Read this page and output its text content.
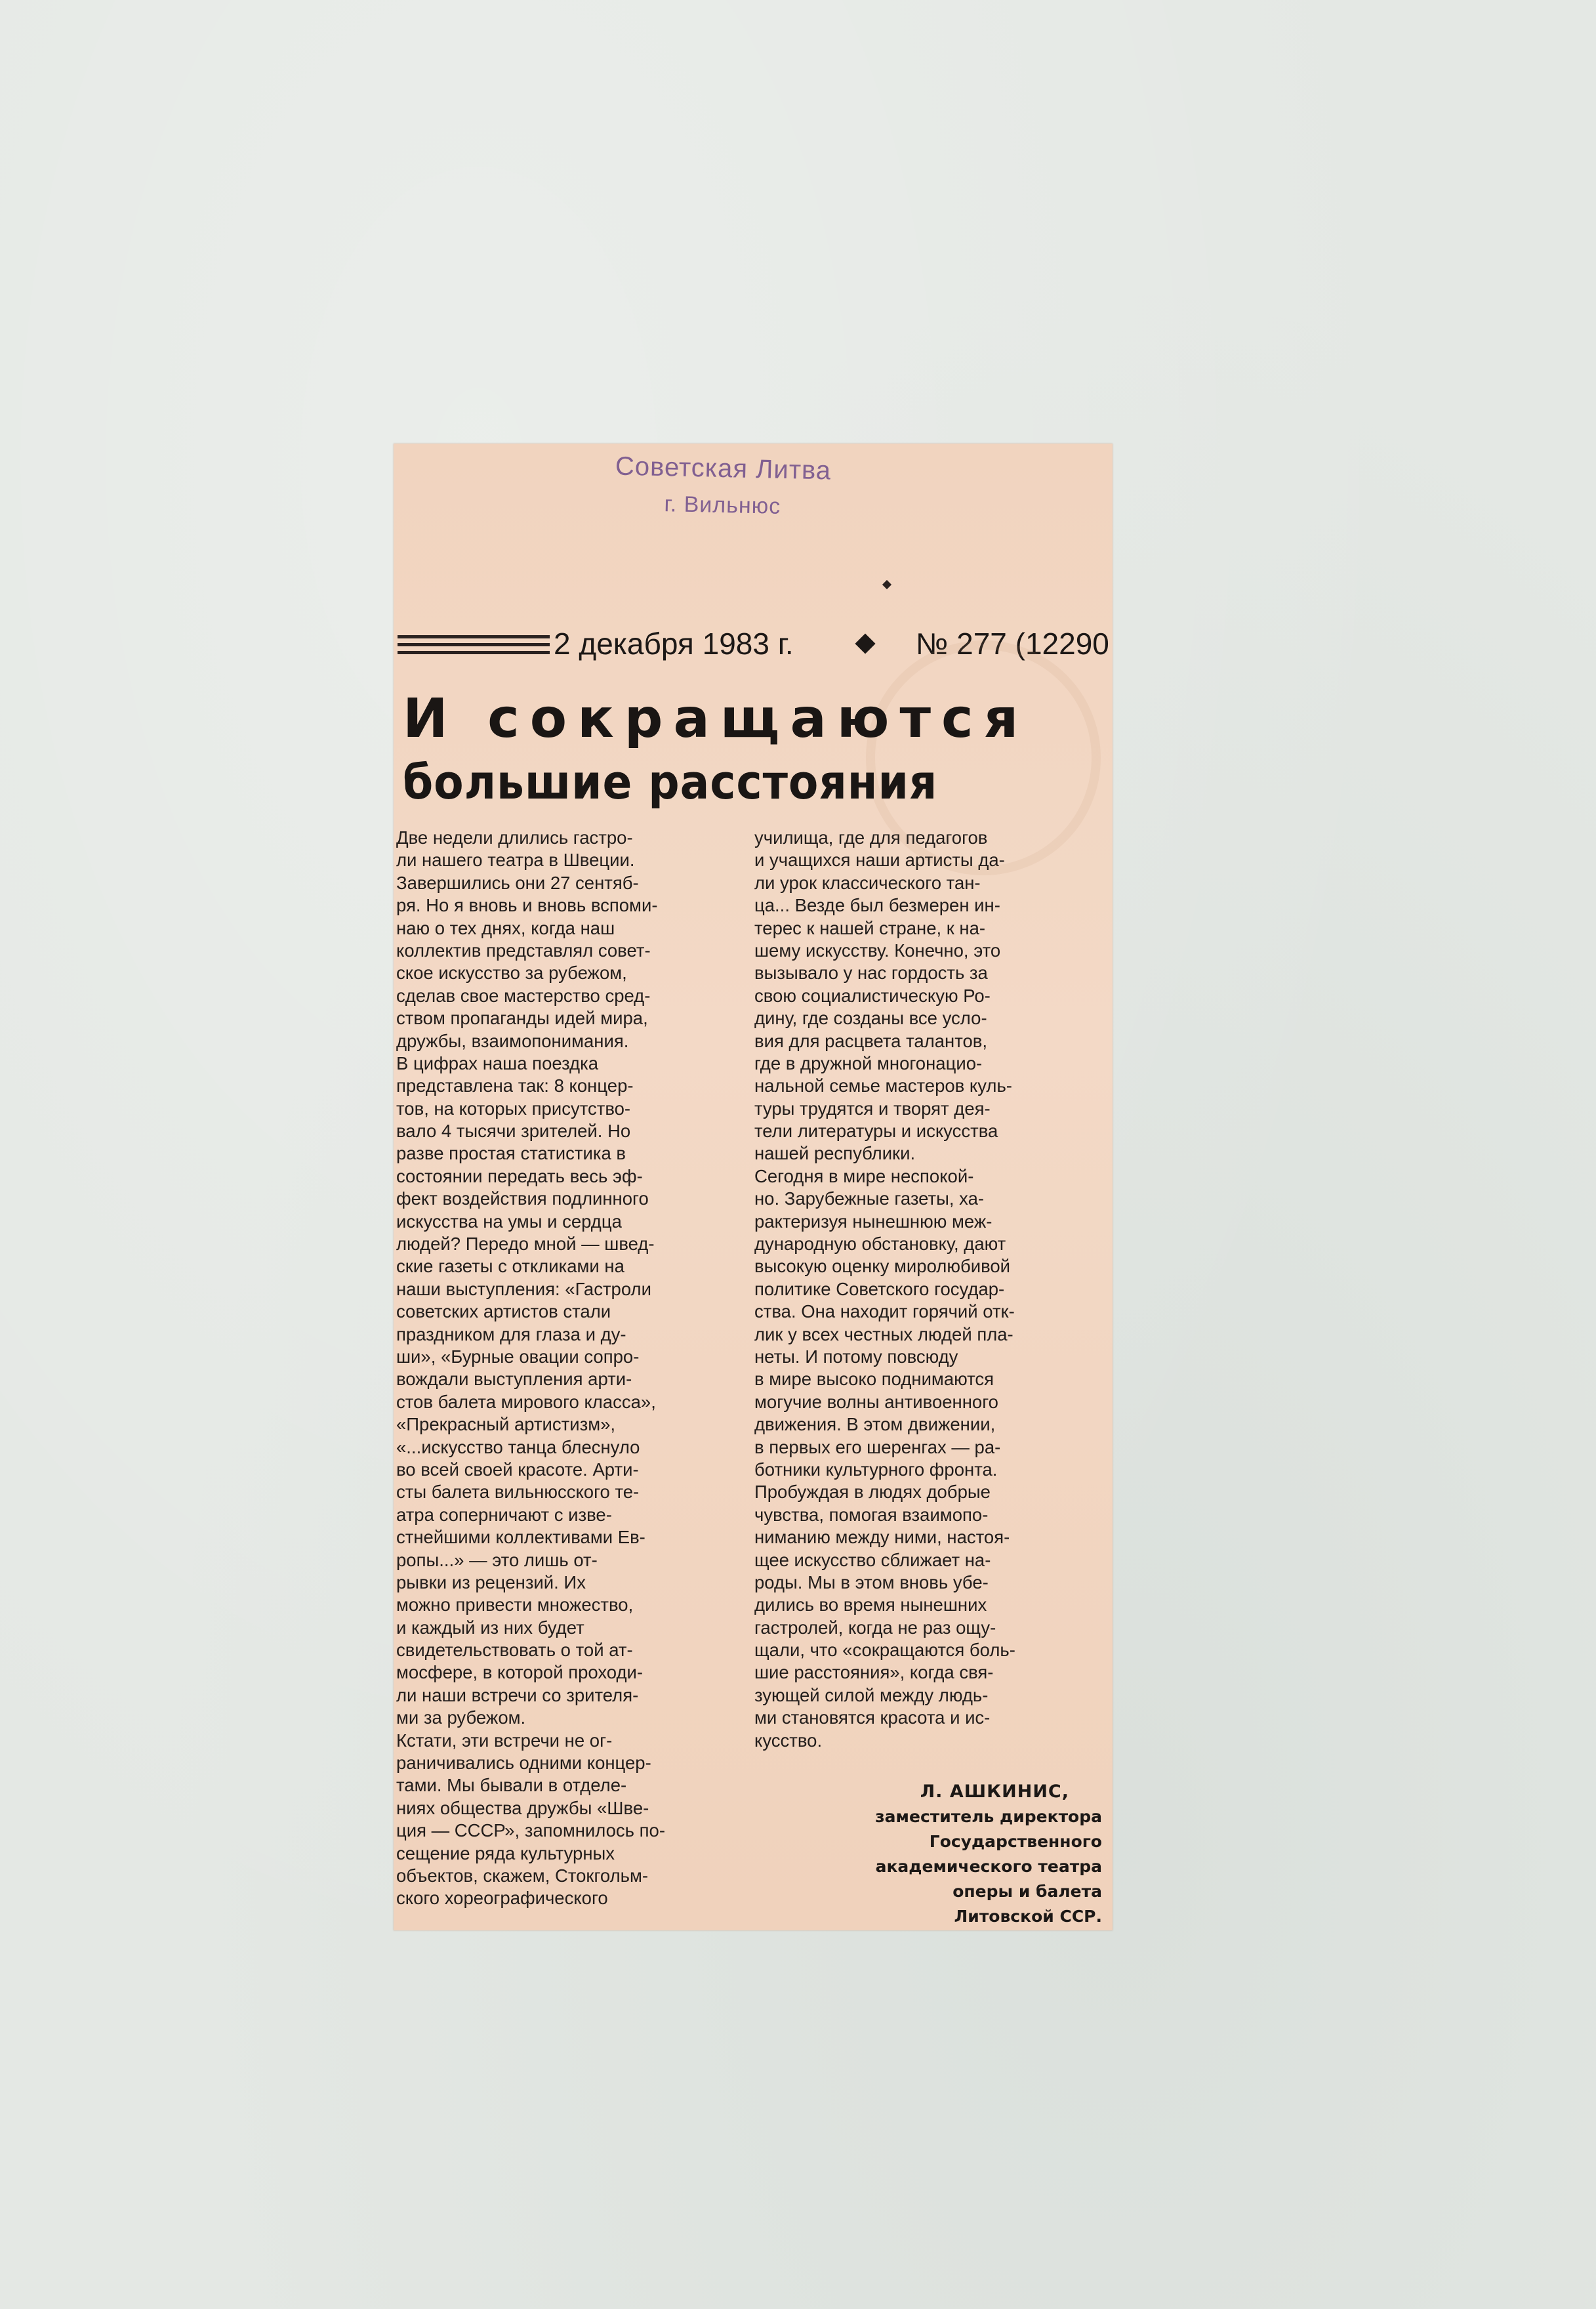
Советская Литва
г. Вильнюс
2 декабря 1983 г.	№ 277 (12290
И сокращаются
большие расстояния
Две недели длились гастро-
ли нашего театра в Швеции.
Завершились они 27 сентяб-
ря. Но я вновь и вновь вспоми-
наю о тех днях, когда наш
коллектив представлял совет-
ское искусство за рубежом,
сделав свое мастерство сред-
ством пропаганды идей мира,
дружбы, взаимопонимания.
В цифрах наша поездка
представлена так: 8 концер-
тов, на которых присутство-
вало 4 тысячи зрителей. Но
разве простая статистика в
состоянии передать весь эф-
фект воздействия подлинного
искусства на умы и сердца
людей? Передо мной — швед-
ские газеты с откликами на
наши выступления: «Гастроли
советских артистов стали
праздником для глаза и ду-
ши», «Бурные овации сопро-
вождали выступления арти-
стов балета мирового класса»,
«Прекрасный артистизм»,
«...искусство танца блеснуло
во всей своей красоте. Арти-
сты балета вильнюсского те-
атра соперничают с изве-
стнейшими коллективами Ев-
ропы...» — это лишь от-
рывки из рецензий. Их
можно привести множество,
и каждый из них будет
свидетельствовать о той ат-
мосфере, в которой проходи-
ли наши встречи со зрителя-
ми за рубежом.
Кстати, эти встречи не ог-
раничивались одними концер-
тами. Мы бывали в отделе-
ниях общества дружбы «Шве-
ция — СССР», запомнилось по-
сещение ряда культурных
объектов, скажем, Стокгольм-
ского хореографического
училища, где для педагогов
и учащихся наши артисты да-
ли урок классического тан-
ца... Везде был безмерен ин-
терес к нашей стране, к на-
шему искусству. Конечно, это
вызывало у нас гордость за
свою социалистическую Ро-
дину, где созданы все усло-
вия для расцвета талантов,
где в дружной многонацио-
нальной семье мастеров куль-
туры трудятся и творят дея-
тели литературы и искусства
нашей республики.
Сегодня в мире неспокой-
но. Зарубежные газеты, ха-
рактеризуя нынешнюю меж-
дународную обстановку, дают
высокую оценку миролюбивой
политике Советского государ-
ства. Она находит горячий отк-
лик у всех честных людей пла-
неты. И потому повсюду
в мире высоко поднимаются
могучие волны антивоенного
движения. В этом движении,
в первых его шеренгах — ра-
ботники культурного фронта.
Пробуждая в людях добрые
чувства, помогая взаимопо-
ниманию между ними, настоя-
щее искусство сближает на-
роды. Мы в этом вновь убе-
дились во время нынешних
гастролей, когда не раз ощу-
щали, что «сокращаются боль-
шие расстояния», когда свя-
зующей силой между людь-
ми становятся красота и ис-
кусство.
Л. АШКИНИС,
заместитель директора
Государственного
академического театра
оперы и балета
Литовской ССР.
